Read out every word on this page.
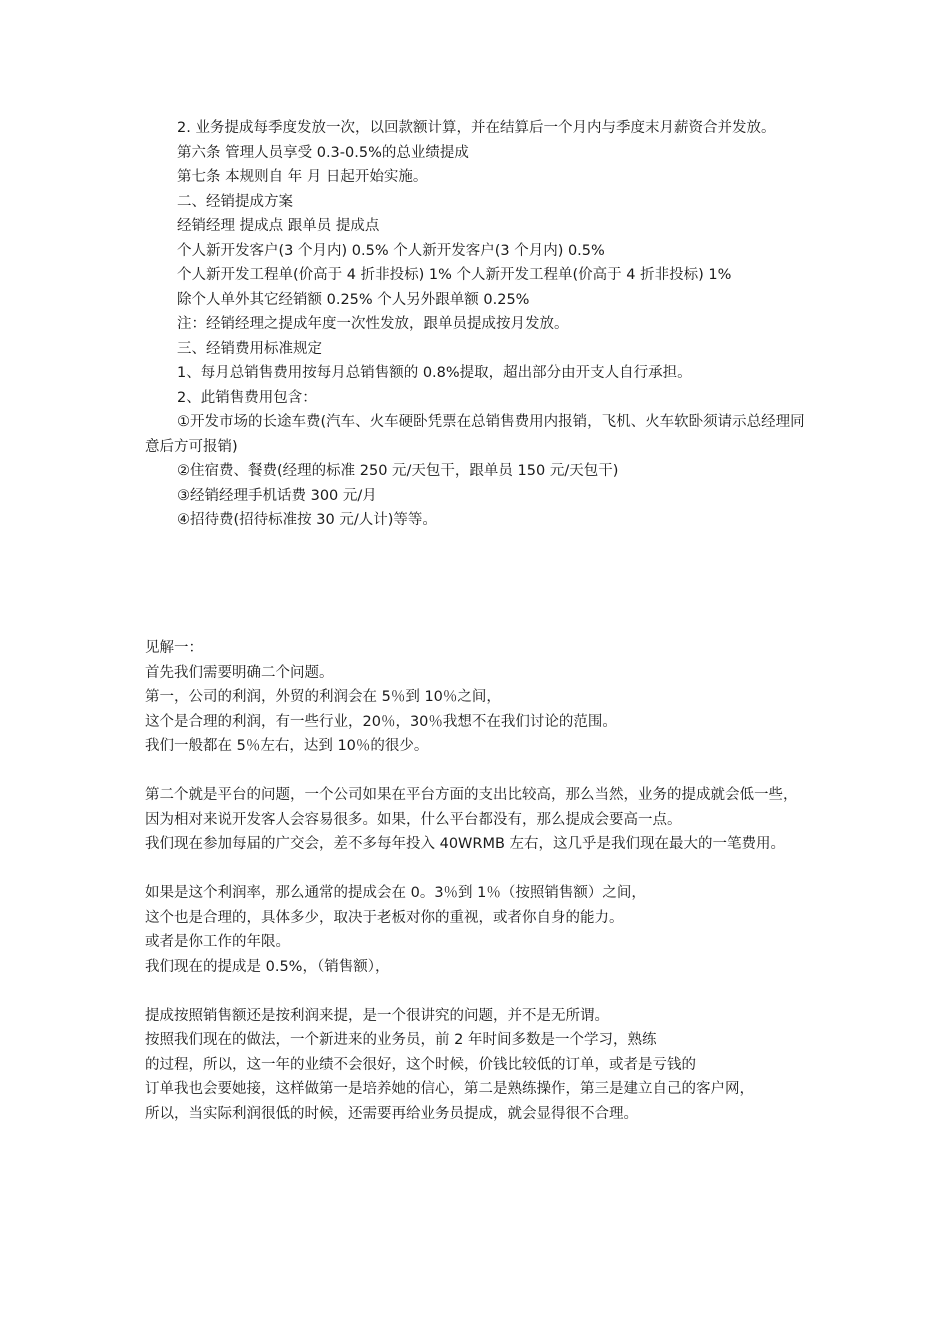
2. 业务提成每季度发放一次，以回款额计算，并在结算后一个月内与季度末月薪资合并发放。

第六条 管理人员享受 0.3-0.5%的总业绩提成

第七条 本规则自 年 月 日起开始实施。

二、经销提成方案

经销经理 提成点 跟单员 提成点

个人新开发客户(3 个月内) 0.5% 个人新开发客户(3 个月内) 0.5%

个人新开发工程单(价高于 4 折非投标) 1% 个人新开发工程单(价高于 4 折非投标) 1%

除个人单外其它经销额 0.25% 个人另外跟单额 0.25%

注：经销经理之提成年度一次性发放，跟单员提成按月发放。

三、经销费用标准规定

1、每月总销售费用按每月总销售额的 0.8%提取，超出部分由开支人自行承担。

2、此销售费用包含：

①开发市场的长途车费(汽车、火车硬卧凭票在总销售费用内报销，飞机、火车软卧须请示总经理同意后方可报销)

②住宿费、餐费(经理的标准 250 元/天包干，跟单员 150 元/天包干)

③经销经理手机话费 300 元/月

④招待费(招待标准按 30 元/人计)等等。

见解一：

首先我们需要明确二个问题。

第一，公司的利润，外贸的利润会在 5％到 10％之间，

这个是合理的利润，有一些行业，20％，30％我想不在我们讨论的范围。

我们一般都在 5％左右，达到 10％的很少。

第二个就是平台的问题，一个公司如果在平台方面的支出比较高，那么当然，业务的提成就会低一些，

因为相对来说开发客人会容易很多。如果，什么平台都没有，那么提成会要高一点。

我们现在参加每届的广交会，差不多每年投入 40WRMB 左右，这几乎是我们现在最大的一笔费用。

如果是这个利润率，那么通常的提成会在 0。3％到 1％（按照销售额）之间，

这个也是合理的，具体多少，取决于老板对你的重视，或者你自身的能力。

或者是你工作的年限。

我们现在的提成是 0.5%，（销售额），

提成按照销售额还是按利润来提，是一个很讲究的问题，并不是无所谓。

按照我们现在的做法，一个新进来的业务员，前 2 年时间多数是一个学习，熟练

的过程，所以，这一年的业绩不会很好，这个时候，价钱比较低的订单，或者是亏钱的

订单我也会要她接，这样做第一是培养她的信心，第二是熟练操作，第三是建立自己的客户网，

所以，当实际利润很低的时候，还需要再给业务员提成，就会显得很不合理。
